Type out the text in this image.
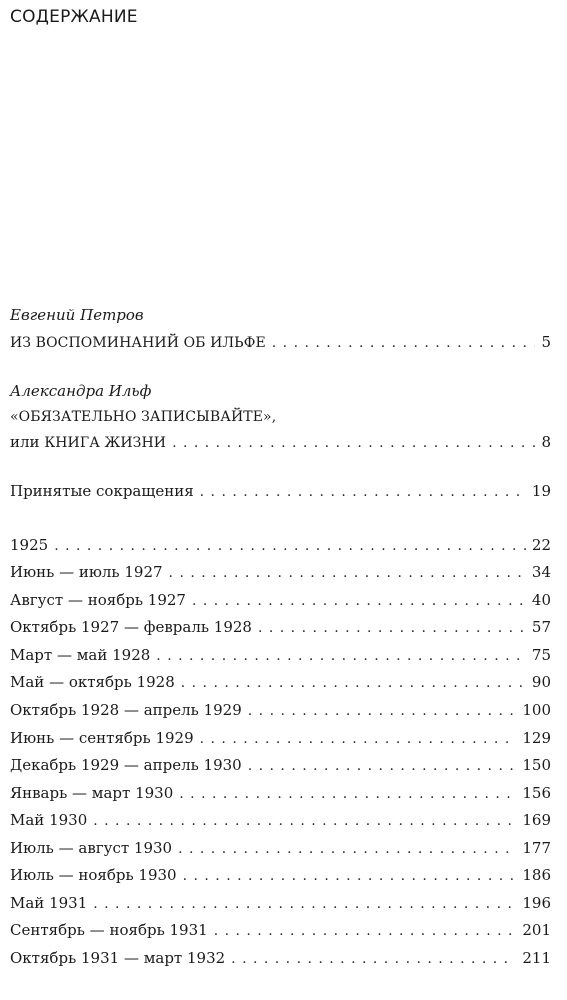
СОДЕРЖАНИЕ
Евгений Петров
ИЗ ВОСПОМИНАНИЙ ОБ ИЛЬФЕ . . .	5
Александра Ильф
«ОБЯЗАТЕЛЬНО ЗАПИСЫВАЙТЕ»,
или КНИГА ЖИЗНИ . . .	8
Принятые сокращения . . .	19
1925 . . .	22
Июнь — июль 1927 . . .	34
Август — ноябрь 1927 . . .	40
Октябрь 1927 — февраль 1928 . . .	57
Март — май 1928 . . .	75
Май — октябрь 1928 . . .	90
Октябрь 1928 — апрель 1929 . . .	100
Июнь — сентябрь 1929 . . .	129
Декабрь 1929 — апрель 1930 . . .	150
Январь — март 1930 . . .	156
Май 1930 . . .	169
Июль — август 1930 . . .	177
Июль — ноябрь 1930 . . .	186
Май 1931 . . .	196
Сентябрь — ноябрь 1931 . . .	201
Октябрь 1931 — март 1932 . . .	211
